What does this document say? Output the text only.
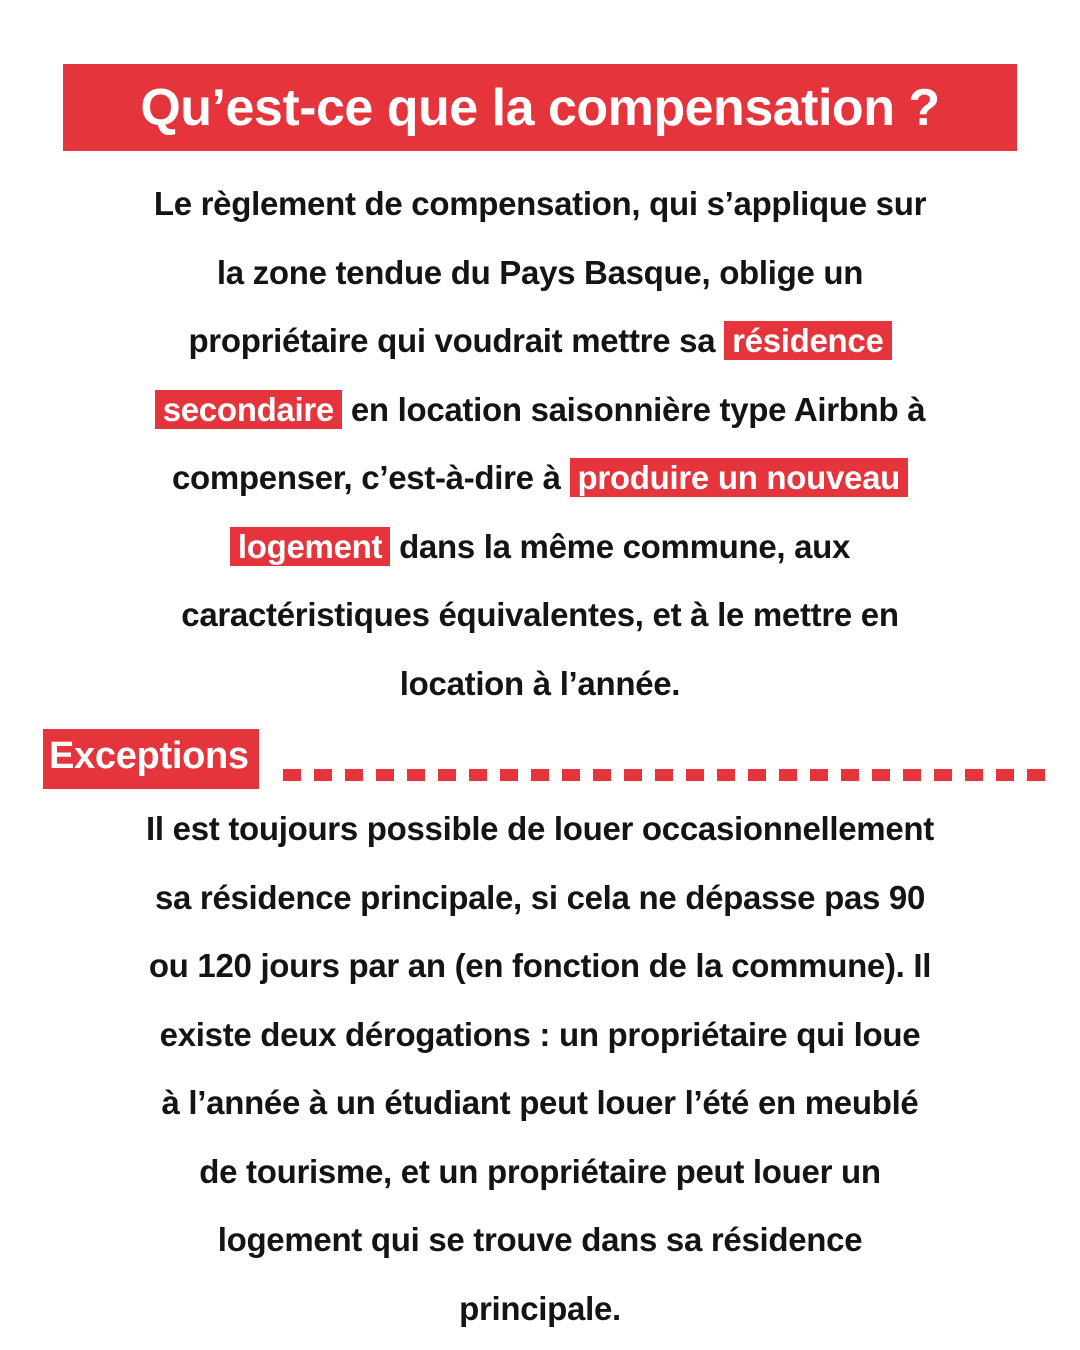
Qu’est-ce que la compensation ?
Le règlement de compensation, qui s’applique sur
la zone tendue du Pays Basque, oblige un
propriétaire qui voudrait mettre sa résidence
secondaire en location saisonnière type Airbnb à
compenser, c’est-à-dire à produire un nouveau
logement dans la même commune, aux
caractéristiques équivalentes, et à le mettre en
location à l’année.
Exceptions
Il est toujours possible de louer occasionnellement
sa résidence principale, si cela ne dépasse pas 90
ou 120 jours par an (en fonction de la commune). Il
existe deux dérogations : un propriétaire qui loue
à l’année à un étudiant peut louer l’été en meublé
de tourisme, et un propriétaire peut louer un
logement qui se trouve dans sa résidence
principale.
